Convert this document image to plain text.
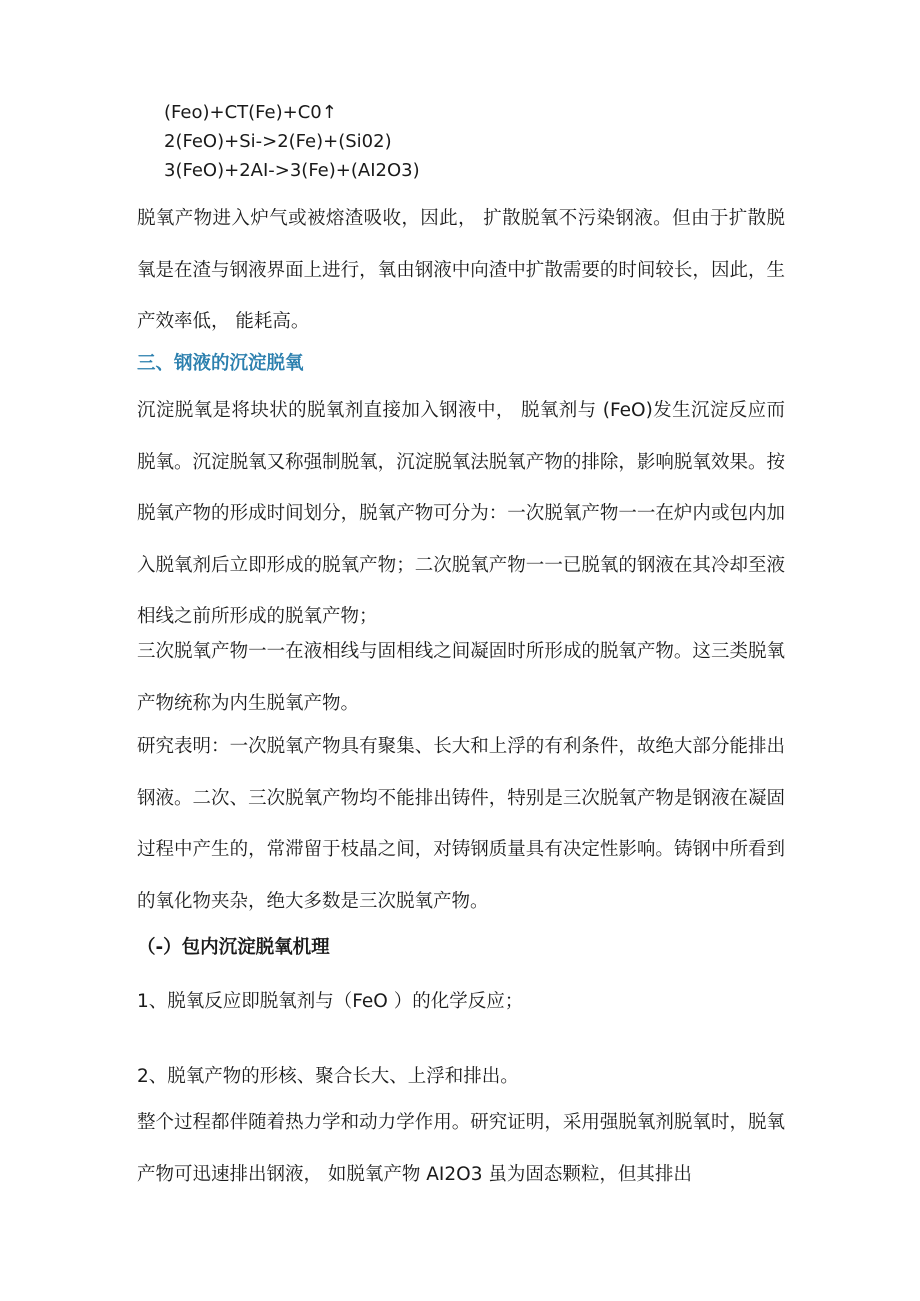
(Feo)+CT(Fe)+C0↑
2(FeO)+Si->2(Fe)+(Si02)
3(FeO)+2AI->3(Fe)+(AI2O3)

脱氧产物进入炉气或被熔渣吸收，因此， 扩散脱氧不污染钢液。但由于扩散脱氧是在渣与钢液界面上进行，氧由钢液中向渣中扩散需要的时间较长，因此，生产效率低， 能耗高。

三、钢液的沉淀脱氧

沉淀脱氧是将块状的脱氧剂直接加入钢液中， 脱氧剂与 (FeO)发生沉淀反应而脱氧。沉淀脱氧又称强制脱氧，沉淀脱氧法脱氧产物的排除，影响脱氧效果。按脱氧产物的形成时间划分，脱氧产物可分为：一次脱氧产物一一在炉内或包内加入脱氧剂后立即形成的脱氧产物；二次脱氧产物一一已脱氧的钢液在其冷却至液相线之前所形成的脱氧产物；

三次脱氧产物一一在液相线与固相线之间凝固时所形成的脱氧产物。这三类脱氧产物统称为内生脱氧产物。

研究表明：一次脱氧产物具有聚集、长大和上浮的有利条件，故绝大部分能排出钢液。二次、三次脱氧产物均不能排出铸件，特别是三次脱氧产物是钢液在凝固过程中产生的，常滞留于枝晶之间，对铸钢质量具有决定性影响。铸钢中所看到的氧化物夹杂，绝大多数是三次脱氧产物。

（-）包内沉淀脱氧机理
1、脱氧反应即脱氧剂与（FeO ）的化学反应；
2、脱氧产物的形核、聚合长大、上浮和排出。

整个过程都伴随着热力学和动力学作用。研究证明，采用强脱氧剂脱氧时，脱氧产物可迅速排出钢液， 如脱氧产物 AI2O3 虽为固态颗粒，但其排出
